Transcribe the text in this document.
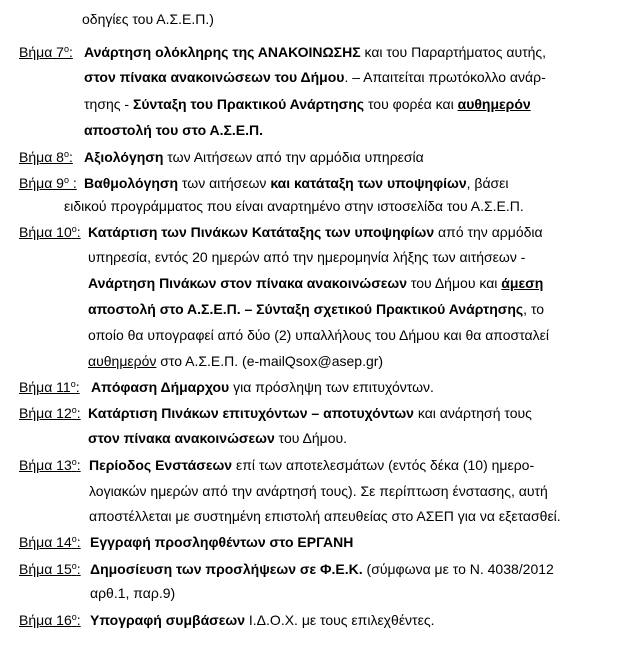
οδηγίες του Α.Σ.Ε.Π.)
Βήμα $7^o$: Ανάρτηση ολόκληρης της ΑΝΑΚΟΙΝΩΣΗΣ και του Παραρτήματος αυτής,
στον πίνακα ανακοινώσεων του Δήμου. – Απαιτείται πρωτόκολλο ανάρ-
τησης - Σύνταξη του Πρακτικού Ανάρτησης του φορέα και αυθημερόν
αποστολή του στο Α.Σ.Ε.Π.
Βήμα $8^o$: Αξιολόγηση των Αιτήσεων από την αρμόδια υπηρεσία
Βήμα $9^o$ : Βαθμολόγηση των αιτήσεων και κατάταξη των υποψηφίων, βάσει
ειδικού προγράμματος που είναι αναρτημένο στην ιστοσελίδα του Α.Σ.Ε.Π.
Βήμα $10^o$: Κατάρτιση των Πινάκων Κατάταξης των υποψηφίων από την αρμόδια
υπηρεσία, εντός 20 ημερών από την ημερομηνία λήξης των αιτήσεων -
Ανάρτηση Πινάκων στον πίνακα ανακοινώσεων του Δήμου και άμεση
αποστολή στο Α.Σ.Ε.Π. – Σύνταξη σχετικού Πρακτικού Ανάρτησης, το
οποίο θα υπογραφεί από δύο (2) υπαλλήλους του Δήμου και θα αποσταλεί
αυθημερόν στο Α.Σ.Ε.Π. (e-mailQsox@asep.gr)
Βήμα $11^o$: Απόφαση Δήμαρχου για πρόσληψη των επιτυχόντων.
Βήμα $12^o$: Κατάρτιση Πινάκων επιτυχόντων – αποτυχόντων και ανάρτησή τους
στον πίνακα ανακοινώσεων του Δήμου.
Βήμα $13^o$: Περίοδος Ενστάσεων επί των αποτελεσμάτων (εντός δέκα (10) ημερο-
λογιακών ημερών από την ανάρτησή τους). Σε περίπτωση ένστασης, αυτή
αποστέλλεται με συστημένη επιστολή απευθείας στο ΑΣΕΠ για να εξετασθεί.
Βήμα $14^o$: Εγγραφή προσληφθέντων στο ΕΡΓΑΝΗ
Βήμα $15^o$: Δημοσίευση των προσλήψεων σε Φ.Ε.Κ. (σύμφωνα με το Ν. 4038/2012
αρθ.1, παρ.9)
Βήμα $16^o$: Υπογραφή συμβάσεων Ι.Δ.Ο.Χ. με τους επιλεχθέντες.
